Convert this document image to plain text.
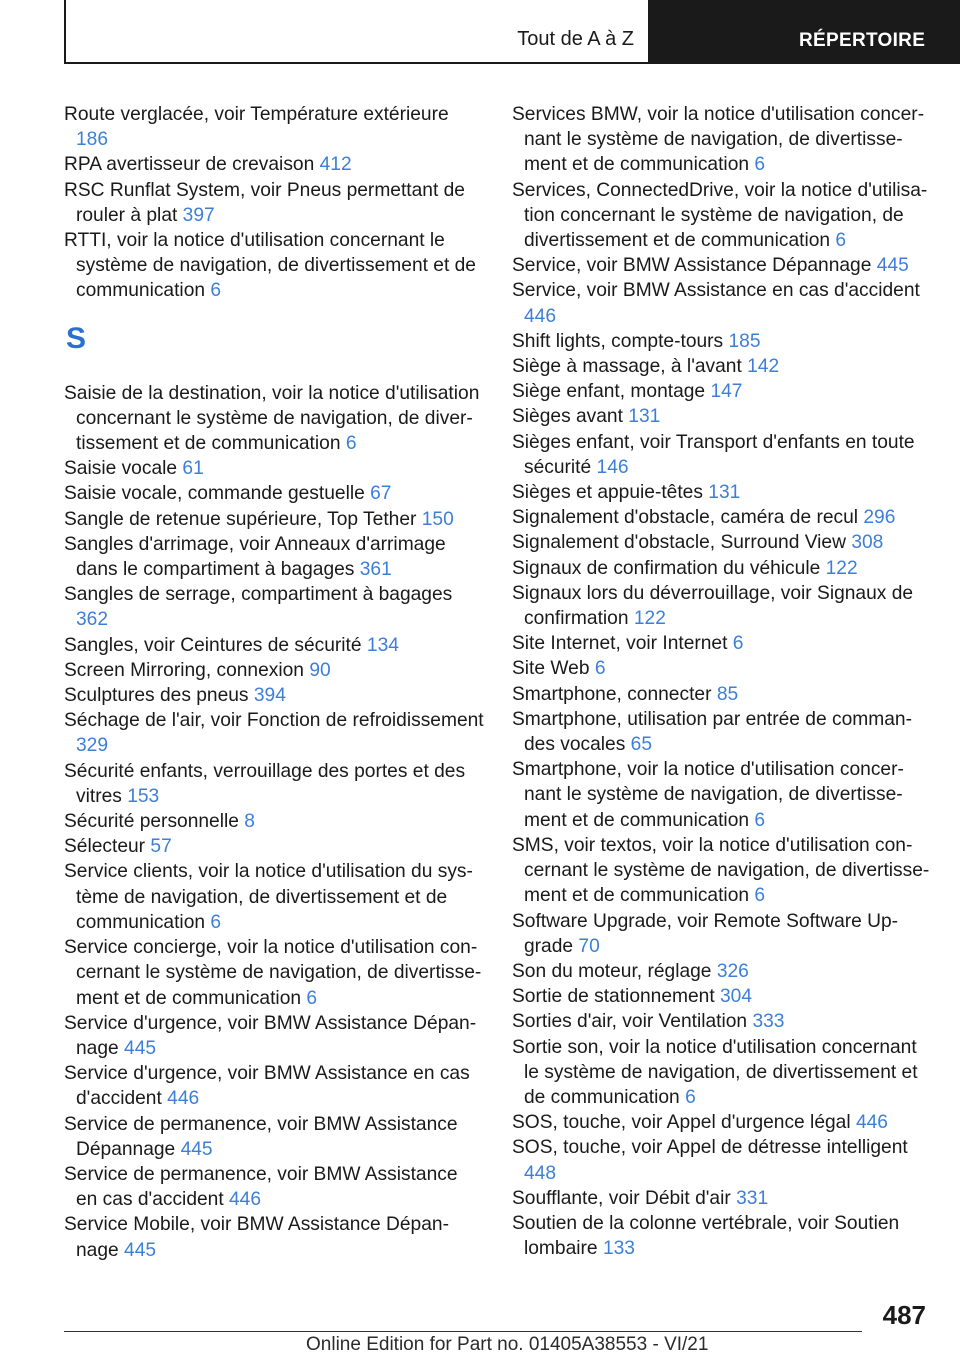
Tout de A à Z	RÉPERTOIRE
Route verglacée, voir Température extérieure 186
RPA avertisseur de crevaison 412
RSC Runflat System, voir Pneus permettant de rouler à plat 397
RTTI, voir la notice d'utilisation concernant le système de navigation, de divertissement et de communication 6
S
Saisie de la destination, voir la notice d'utilisation concernant le système de navigation, de divertissement et de communication 6
Saisie vocale 61
Saisie vocale, commande gestuelle 67
Sangle de retenue supérieure, Top Tether 150
Sangles d'arrimage, voir Anneaux d'arrimage dans le compartiment à bagages 361
Sangles de serrage, compartiment à bagages 362
Sangles, voir Ceintures de sécurité 134
Screen Mirroring, connexion 90
Sculptures des pneus 394
Séchage de l'air, voir Fonction de refroidissement 329
Sécurité enfants, verrouillage des portes et des vitres 153
Sécurité personnelle 8
Sélecteur 57
Service clients, voir la notice d'utilisation du système de navigation, de divertissement et de communication 6
Service concierge, voir la notice d'utilisation concernant le système de navigation, de divertissement et de communication 6
Service d'urgence, voir BMW Assistance Dépannage 445
Service d'urgence, voir BMW Assistance en cas d'accident 446
Service de permanence, voir BMW Assistance Dépannage 445
Service de permanence, voir BMW Assistance en cas d'accident 446
Service Mobile, voir BMW Assistance Dépannage 445
Services BMW, voir la notice d'utilisation concernant le système de navigation, de divertissement et de communication 6
Services, ConnectedDrive, voir la notice d'utilisation concernant le système de navigation, de divertissement et de communication 6
Service, voir BMW Assistance Dépannage 445
Service, voir BMW Assistance en cas d'accident 446
Shift lights, compte-tours 185
Siège à massage, à l'avant 142
Siège enfant, montage 147
Sièges avant 131
Sièges enfant, voir Transport d'enfants en toute sécurité 146
Sièges et appuie-têtes 131
Signalement d'obstacle, caméra de recul 296
Signalement d'obstacle, Surround View 308
Signaux de confirmation du véhicule 122
Signaux lors du déverrouillage, voir Signaux de confirmation 122
Site Internet, voir Internet 6
Site Web 6
Smartphone, connecter 85
Smartphone, utilisation par entrée de commandes vocales 65
Smartphone, voir la notice d'utilisation concernant le système de navigation, de divertissement et de communication 6
SMS, voir textos, voir la notice d'utilisation concernant le système de navigation, de divertissement et de communication 6
Software Upgrade, voir Remote Software Upgrade 70
Son du moteur, réglage 326
Sortie de stationnement 304
Sorties d'air, voir Ventilation 333
Sortie son, voir la notice d'utilisation concernant le système de navigation, de divertissement et de communication 6
SOS, touche, voir Appel d'urgence légal 446
SOS, touche, voir Appel de détresse intelligent 448
Soufflante, voir Débit d'air 331
Soutien de la colonne vertébrale, voir Soutien lombaire 133
487
Online Edition for Part no. 01405A38553 - VI/21
